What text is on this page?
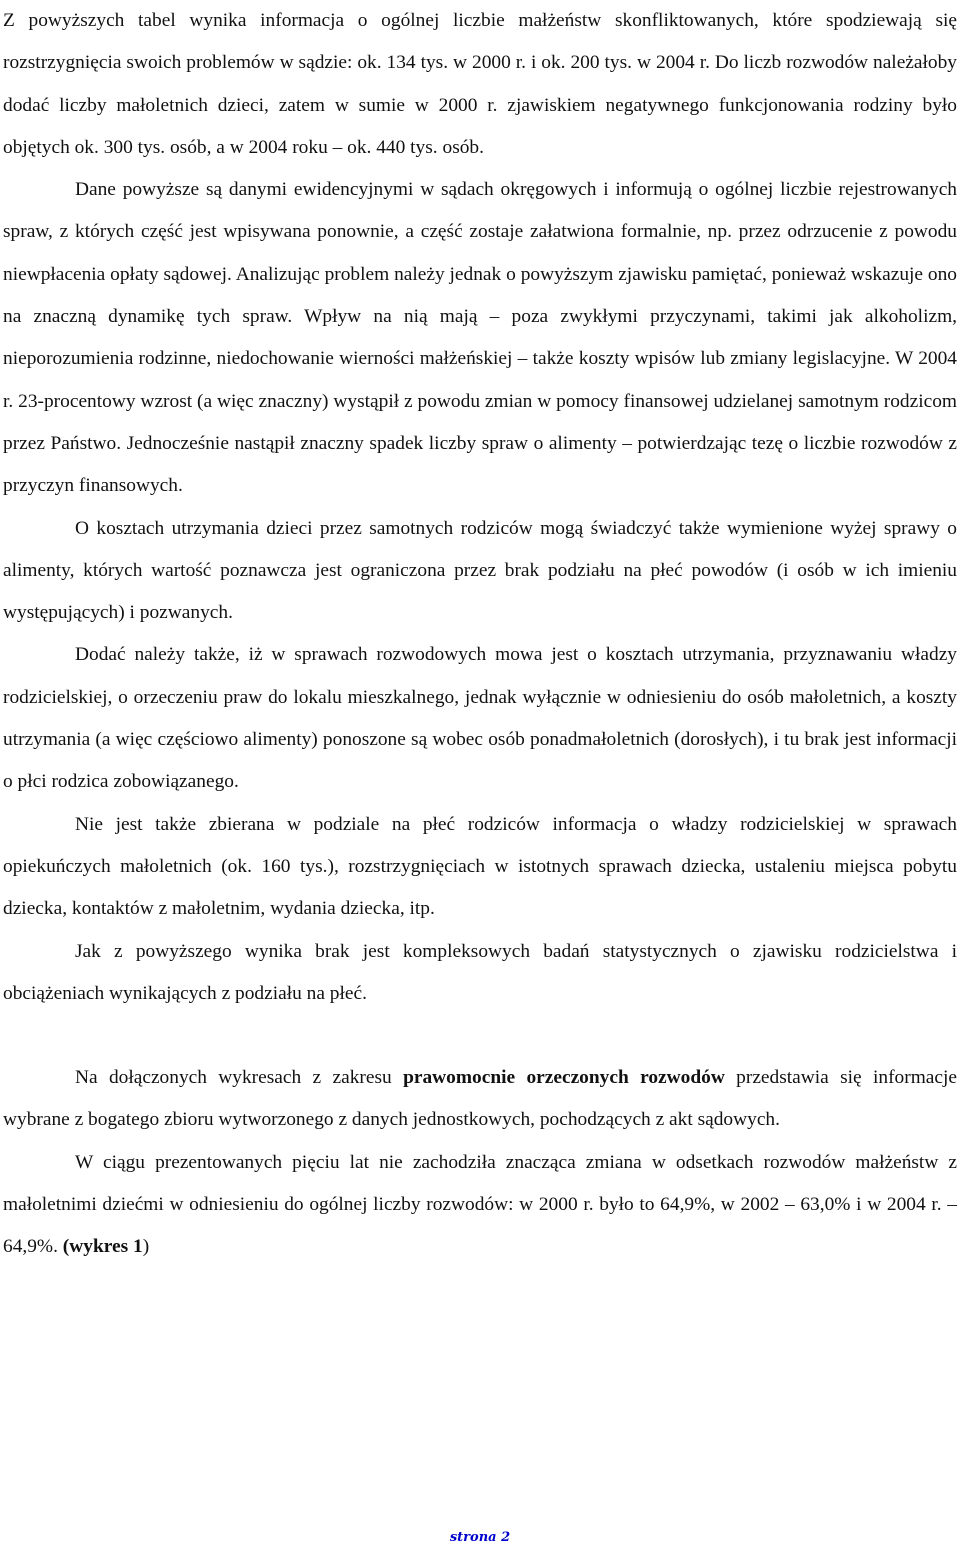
Z powyższych tabel wynika informacja o ogólnej liczbie małżeństw skonfliktowanych, które spodziewają się rozstrzygnięcia swoich problemów w sądzie: ok. 134 tys. w 2000 r. i ok. 200 tys. w 2004 r. Do liczb rozwodów należałoby dodać liczby małoletnich dzieci, zatem w sumie w 2000 r. zjawiskiem negatywnego funkcjonowania rodziny było objętych ok. 300 tys. osób, a w 2004 roku – ok. 440 tys. osób.

Dane powyższe są danymi ewidencyjnymi w sądach okręgowych i informują o ogólnej liczbie rejestrowanych spraw, z których część jest wpisywana ponownie, a część zostaje załatwiona formalnie, np. przez odrzucenie z powodu niewpłacenia opłaty sądowej. Analizując problem należy jednak o powyższym zjawisku pamiętać, ponieważ wskazuje ono na znaczną dynamikę tych spraw. Wpływ na nią mają – poza zwykłymi przyczynami, takimi jak alkoholizm, nieporozumienia rodzinne, niedochowanie wierności małżeńskiej – także koszty wpisów lub zmiany legislacyjne. W 2004 r. 23-procentowy wzrost (a więc znaczny) wystąpił z powodu zmian w pomocy finansowej udzielanej samotnym rodzicom przez Państwo. Jednocześnie nastąpił znaczny spadek liczby spraw o alimenty – potwierdzając tezę o liczbie rozwodów z przyczyn finansowych.

O kosztach utrzymania dzieci przez samotnych rodziców mogą świadczyć także wymienione wyżej sprawy o alimenty, których wartość poznawcza jest ograniczona przez brak podziału na płeć powodów (i osób w ich imieniu występujących) i pozwanych.

Dodać należy także, iż w sprawach rozwodowych mowa jest o kosztach utrzymania, przyznawaniu władzy rodzicielskiej, o orzeczeniu praw do lokalu mieszkalnego, jednak wyłącznie w odniesieniu do osób małoletnich, a koszty utrzymania (a więc częściowo alimenty) ponoszone są wobec osób ponadmałoletnich (dorosłych), i tu brak jest informacji o płci rodzica zobowiązanego.

Nie jest także zbierana w podziale na płeć rodziców informacja o władzy rodzicielskiej w sprawach opiekuńczych małoletnich (ok. 160 tys.), rozstrzygnięciach w istotnych sprawach dziecka, ustaleniu miejsca pobytu dziecka, kontaktów z małoletnim, wydania dziecka, itp.

Jak z powyższego wynika brak jest kompleksowych badań statystycznych o zjawisku rodzicielstwa i obciążeniach wynikających z podziału na płeć.

Na dołączonych wykresach z zakresu prawomocnie orzeczonych rozwodów przedstawia się informacje wybrane z bogatego zbioru wytworzonego z danych jednostkowych, pochodzących z akt sądowych.

W ciągu prezentowanych pięciu lat nie zachodziła znacząca zmiana w odsetkach rozwodów małżeństw z małoletnimi dziećmi w odniesieniu do ogólnej liczby rozwodów: w 2000 r. było to 64,9%, w 2002 – 63,0% i w 2004 r. – 64,9%. (wykres 1)

strona 2
